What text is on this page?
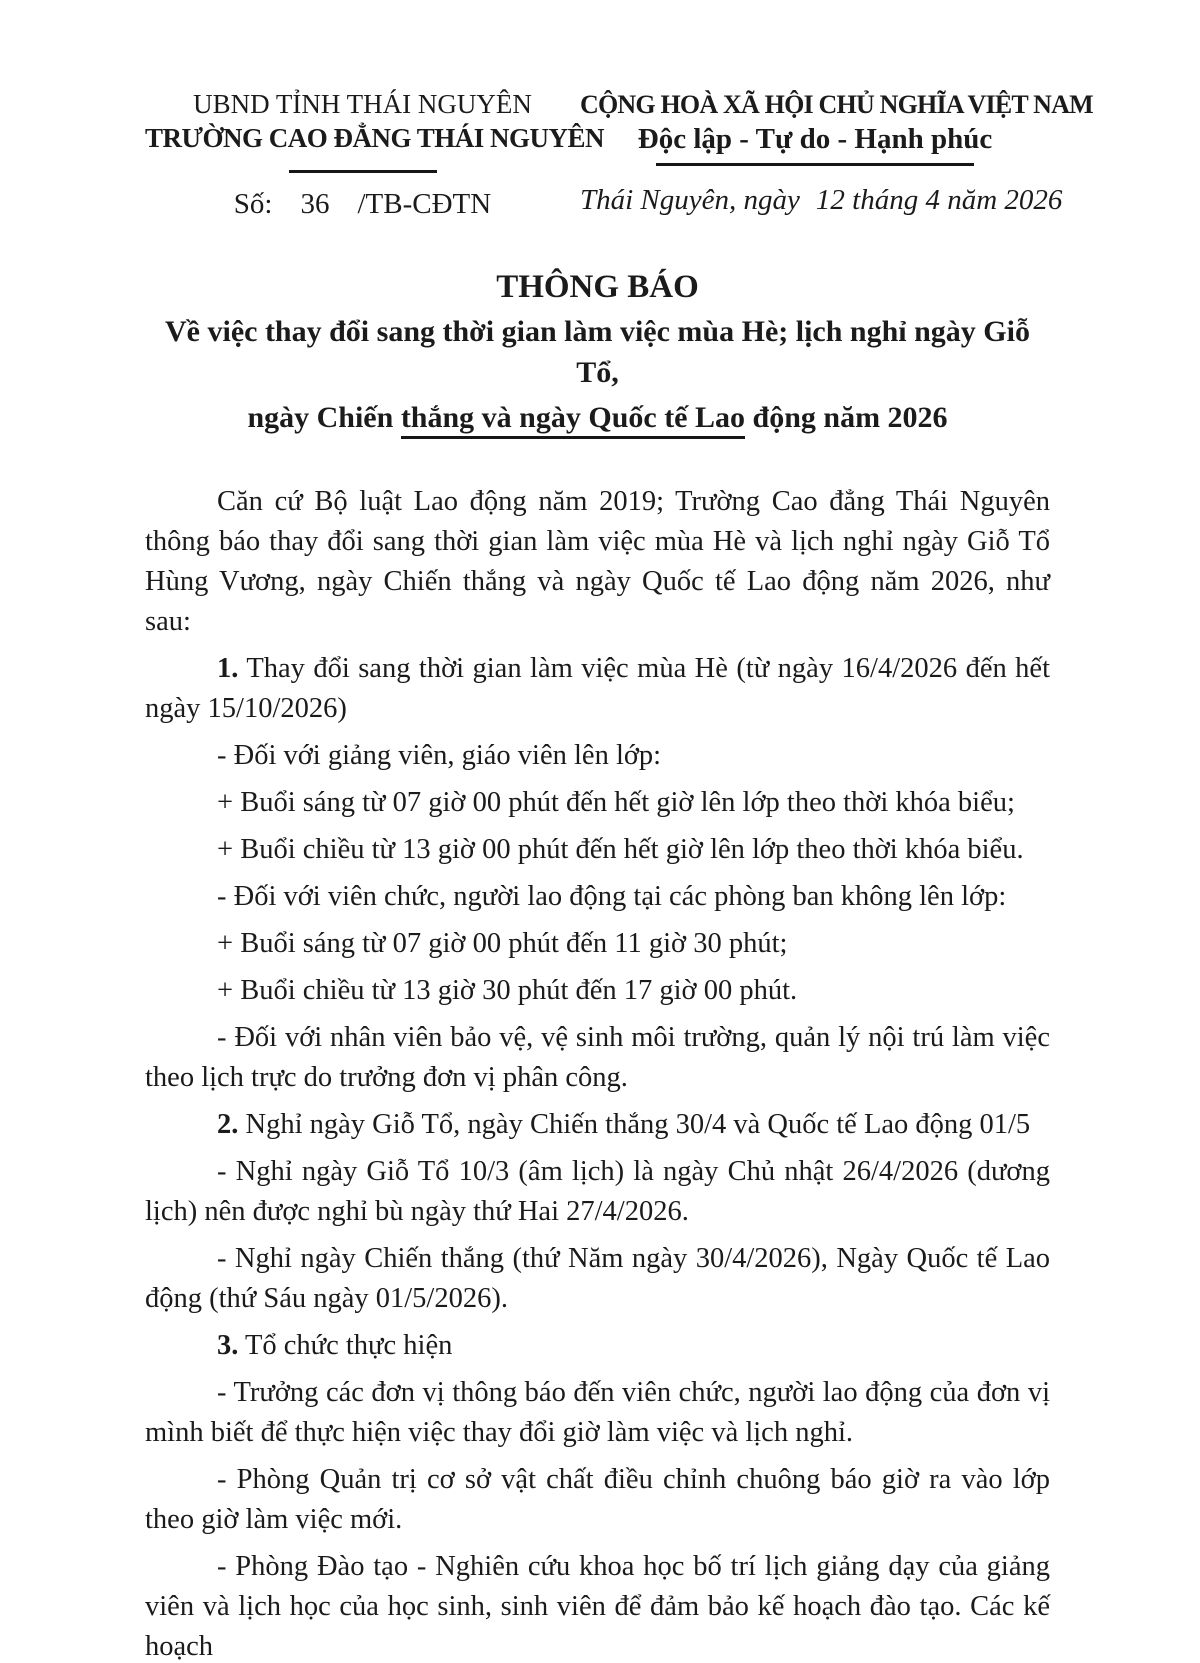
UBND TỈNH THÁI NGUYÊN
TRƯỜNG CAO ĐẲNG THÁI NGUYÊN
Số: 36 /TB-CĐTN
CỘNG HOÀ XÃ HỘI CHỦ NGHĨA VIỆT NAM
Độc lập - Tự do - Hạnh phúc
Thái Nguyên, ngày 12 tháng 4 năm 2026
THÔNG BÁO
Về việc thay đổi sang thời gian làm việc mùa Hè; lịch nghỉ ngày Giỗ Tổ,
ngày Chiến thắng và ngày Quốc tế Lao động năm 2026

Căn cứ Bộ luật Lao động năm 2019; Trường Cao đẳng Thái Nguyên thông báo thay đổi sang thời gian làm việc mùa Hè và lịch nghỉ ngày Giỗ Tổ Hùng Vương, ngày Chiến thắng và ngày Quốc tế Lao động năm 2026, như sau:

1. Thay đổi sang thời gian làm việc mùa Hè (từ ngày 16/4/2026 đến hết ngày 15/10/2026)

- Đối với giảng viên, giáo viên lên lớp:

+ Buổi sáng từ 07 giờ 00 phút đến hết giờ lên lớp theo thời khóa biểu;

+ Buổi chiều từ 13 giờ 00 phút đến hết giờ lên lớp theo thời khóa biểu.

- Đối với viên chức, người lao động tại các phòng ban không lên lớp:

+ Buổi sáng từ 07 giờ 00 phút đến 11 giờ 30 phút;

+ Buổi chiều từ 13 giờ 30 phút đến 17 giờ 00 phút.

- Đối với nhân viên bảo vệ, vệ sinh môi trường, quản lý nội trú làm việc theo lịch trực do trưởng đơn vị phân công.

2. Nghỉ ngày Giỗ Tổ, ngày Chiến thắng 30/4 và Quốc tế Lao động 01/5

- Nghỉ ngày Giỗ Tổ 10/3 (âm lịch) là ngày Chủ nhật 26/4/2026 (dương lịch) nên được nghỉ bù ngày thứ Hai 27/4/2026.

- Nghỉ ngày Chiến thắng (thứ Năm ngày 30/4/2026), Ngày Quốc tế Lao động (thứ Sáu ngày 01/5/2026).

3. Tổ chức thực hiện

- Trưởng các đơn vị thông báo đến viên chức, người lao động của đơn vị mình biết để thực hiện việc thay đổi giờ làm việc và lịch nghỉ.

- Phòng Quản trị cơ sở vật chất điều chỉnh chuông báo giờ ra vào lớp theo giờ làm việc mới.

- Phòng Đào tạo - Nghiên cứu khoa học bố trí lịch giảng dạy của giảng viên và lịch học của học sinh, sinh viên để đảm bảo kế hoạch đào tạo. Các kế hoạch
